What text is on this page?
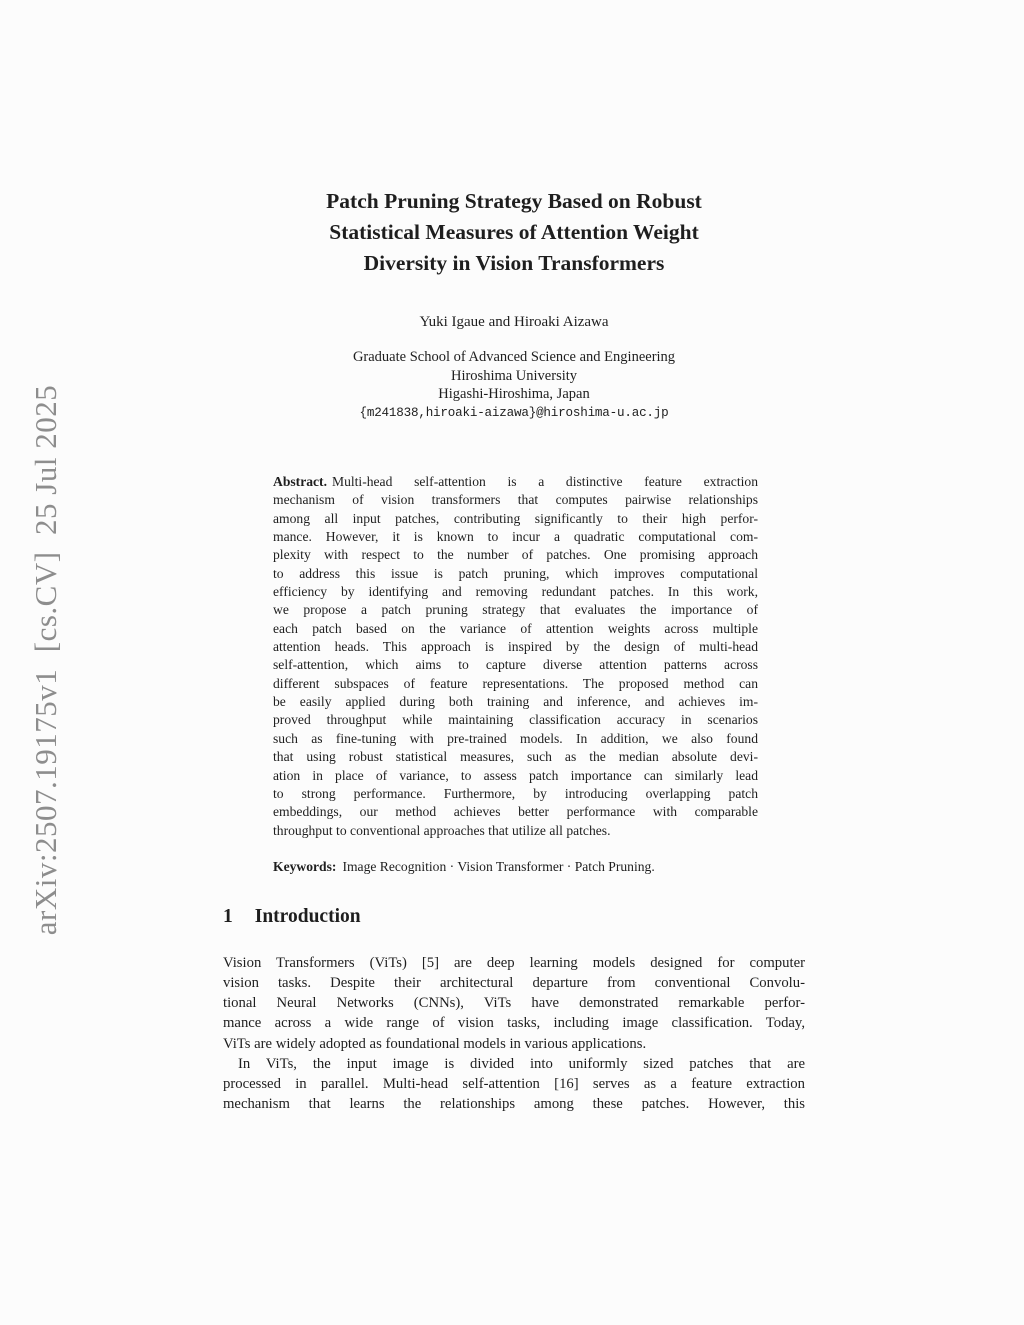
arXiv:2507.19175v1  [cs.CV]  25 Jul 2025
Patch Pruning Strategy Based on Robust
Statistical Measures of Attention Weight
Diversity in Vision Transformers
Yuki Igaue and Hiroaki Aizawa
Graduate School of Advanced Science and Engineering
Hiroshima University
Higashi-Hiroshima, Japan
{m241838,hiroaki-aizawa}@hiroshima-u.ac.jp
Abstract. Multi-head self-attention is a distinctive feature extraction
mechanism of vision transformers that computes pairwise relationships
among all input patches, contributing significantly to their high perfor-
mance. However, it is known to incur a quadratic computational com-
plexity with respect to the number of patches. One promising approach
to address this issue is patch pruning, which improves computational
efficiency by identifying and removing redundant patches. In this work,
we propose a patch pruning strategy that evaluates the importance of
each patch based on the variance of attention weights across multiple
attention heads. This approach is inspired by the design of multi-head
self-attention, which aims to capture diverse attention patterns across
different subspaces of feature representations. The proposed method can
be easily applied during both training and inference, and achieves im-
proved throughput while maintaining classification accuracy in scenarios
such as fine-tuning with pre-trained models. In addition, we also found
that using robust statistical measures, such as the median absolute devi-
ation in place of variance, to assess patch importance can similarly lead
to strong performance. Furthermore, by introducing overlapping patch
embeddings, our method achieves better performance with comparable
throughput to conventional approaches that utilize all patches.
Keywords: Image Recognition · Vision Transformer · Patch Pruning.
1 Introduction
Vision Transformers (ViTs) [5] are deep learning models designed for computer
vision tasks. Despite their architectural departure from conventional Convolu-
tional Neural Networks (CNNs), ViTs have demonstrated remarkable perfor-
mance across a wide range of vision tasks, including image classification. Today,
ViTs are widely adopted as foundational models in various applications.
In ViTs, the input image is divided into uniformly sized patches that are
processed in parallel. Multi-head self-attention [16] serves as a feature extraction
mechanism that learns the relationships among these patches. However, this
